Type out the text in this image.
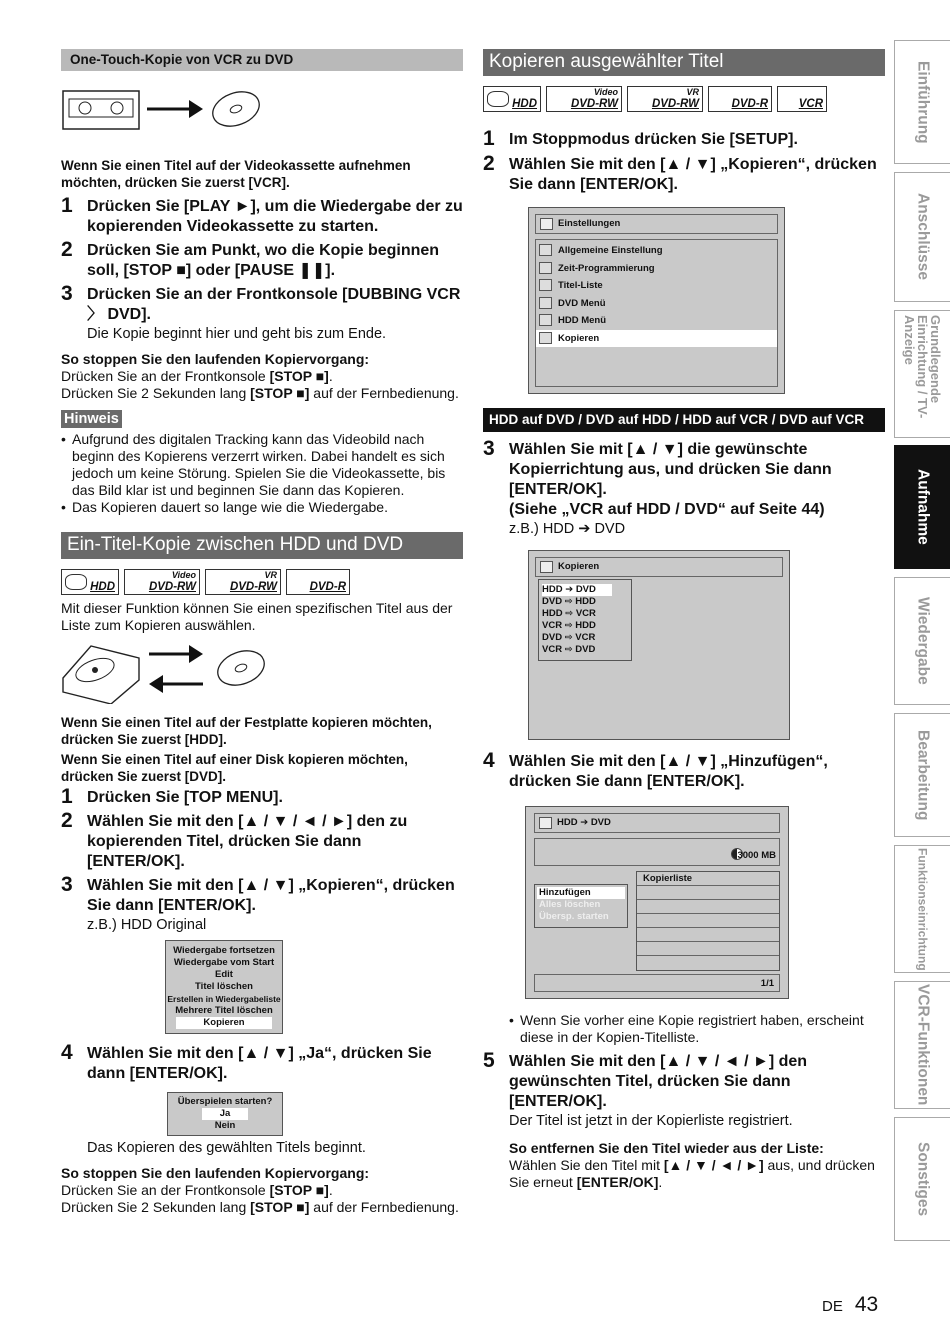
One-Touch-Kopie von VCR zu DVD
Wenn Sie einen Titel auf der Videokassette aufnehmen möchten, drücken Sie zuerst [VCR].
1 Drücken Sie [PLAY ►], um die Wiedergabe der zu kopierenden Videokassette zu starten.
2 Drücken Sie am Punkt, wo die Kopie beginnen soll, [STOP ■] oder [PAUSE ❚❚].
3 Drücken Sie an der Frontkonsole [DUBBING VCR 〉 DVD].
Die Kopie beginnt hier und geht bis zum Ende.
So stoppen Sie den laufenden Kopiervorgang:
Drücken Sie an der Frontkonsole [STOP ■].
Drücken Sie 2 Sekunden lang [STOP ■] auf der Fernbedienung.
Hinweis
• Aufgrund des digitalen Tracking kann das Videobild nach beginn des Kopierens verzerrt wirken. Dabei handelt es sich jedoch um keine Störung. Spielen Sie die Videokassette, bis das Bild klar ist und beginnen Sie dann das Kopieren.
• Das Kopieren dauert so lange wie die Wiedergabe.
Ein-Titel-Kopie zwischen HDD und DVD
HDD
Video
DVD-RW
VR
DVD-RW	DVD-R
Mit dieser Funktion können Sie einen spezifischen Titel aus der Liste zum Kopieren auswählen.
Wenn Sie einen Titel auf der Festplatte kopieren möchten, drücken Sie zuerst [HDD].
Wenn Sie einen Titel auf einer Disk kopieren möchten, drücken Sie zuerst [DVD].
1 Drücken Sie [TOP MENU].
2 Wählen Sie mit den [▲ / ▼ / ◄ / ►] den zu kopierenden Titel, drücken Sie dann [ENTER/OK].
3 Wählen Sie mit den [▲ / ▼] „Kopieren“, drücken Sie dann [ENTER/OK].
z.B.) HDD Original
Wiedergabe fortsetzen
Wiedergabe vom Start
Edit
Titel löschen
Erstellen in Wiedergabeliste
Mehrere Titel löschen
Kopieren
4 Wählen Sie mit den [▲ / ▼] „Ja“, drücken Sie dann [ENTER/OK].
Überspielen starten?
Ja
Nein
Das Kopieren des gewählten Titels beginnt.
So stoppen Sie den laufenden Kopiervorgang:
Drücken Sie an der Frontkonsole [STOP ■].
Drücken Sie 2 Sekunden lang [STOP ■] auf der Fernbedienung.
Kopieren ausgewählter Titel
HDD
Video
DVD-RW
VR
DVD-RW	DVD-R	VCR
1 Im Stoppmodus drücken Sie [SETUP].
2 Wählen Sie mit den [▲ / ▼] „Kopieren“, drücken Sie dann [ENTER/OK].
Einstellungen
Allgemeine Einstellung
Zeit-Programmierung
Titel-Liste
DVD Menü
HDD Menü
Kopieren
HDD auf DVD / DVD auf HDD / HDD auf VCR / DVD auf VCR
3 Wählen Sie mit [▲ / ▼] die gewünschte Kopierrichtung aus, und drücken Sie dann [ENTER/OK].
(Siehe „VCR auf HDD / DVD“ auf Seite 44)
z.B.) HDD ➔ DVD
Kopieren
HDD ➔ DVD
DVD ⇨ HDD
HDD ⇨ VCR
VCR ⇨ HDD
DVD ⇨ VCR
VCR ⇨ DVD
4 Wählen Sie mit den [▲ / ▼] „Hinzufügen“, drücken Sie dann [ENTER/OK].
HDD ➔ DVD
3000 MB
Hinzufügen
Alles löschen
Übersp. starten
Kopierliste
1/1
• Wenn Sie vorher eine Kopie registriert haben, erscheint diese in der Kopien-Titelliste.
5 Wählen Sie mit den [▲ / ▼ / ◄ / ►] den gewünschten Titel, drücken Sie dann [ENTER/OK].
Der Titel ist jetzt in der Kopierliste registriert.
So entfernen Sie den Titel wieder aus der Liste:
Wählen Sie den Titel mit [▲ / ▼ / ◄ / ►] aus, und drücken Sie erneut [ENTER/OK].
Einführung
Anschlüsse
Grundlegende Einrichtung / TV-Anzeige
Aufnahme
Wiedergabe
Bearbeitung
Funktionseinrichtung
VCR-Funktionen
Sonstiges
DE 43
